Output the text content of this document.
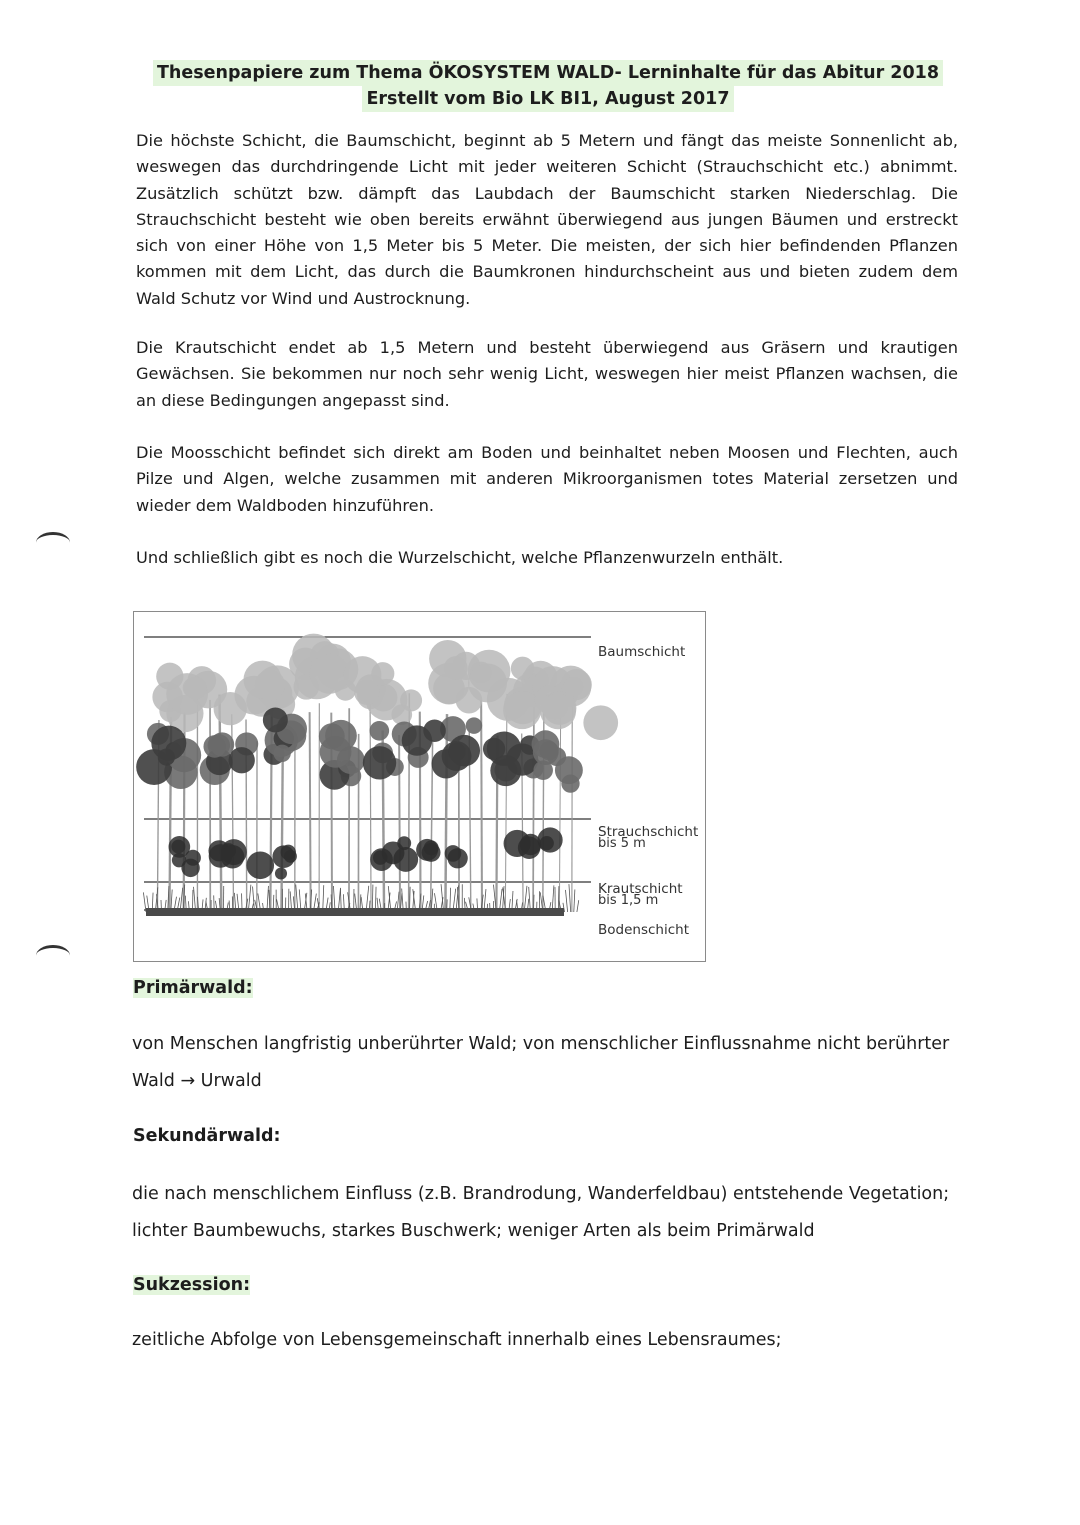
Thesenpapiere zum Thema ÖKOSYSTEM WALD- Lerninhalte für das Abitur 2018
Erstellt vom Bio LK BI1, August 2017

Die höchste Schicht, die Baumschicht, beginnt ab 5 Metern und fängt das meiste Sonnenlicht ab, weswegen das durchdringende Licht mit jeder weiteren Schicht (Strauchschicht etc.) abnimmt. Zusätzlich schützt bzw. dämpft das Laubdach der Baumschicht starken Niederschlag. Die Strauchschicht besteht wie oben bereits erwähnt überwiegend aus jungen Bäumen und erstreckt sich von einer Höhe von 1,5 Meter bis 5 Meter. Die meisten, der sich hier befindenden Pflanzen kommen mit dem Licht, das durch die Baumkronen hindurchscheint aus und bieten zudem dem Wald Schutz vor Wind und Austrocknung.

Die Krautschicht endet ab 1,5 Metern und besteht überwiegend aus Gräsern und krautigen Gewächsen. Sie bekommen nur noch sehr wenig Licht, weswegen hier meist Pflanzen wachsen, die an diese Bedingungen angepasst sind.

Die Moosschicht befindet sich direkt am Boden und beinhaltet neben Moosen und Flechten, auch Pilze und Algen, welche zusammen mit anderen Mikroorganismen totes Material zersetzen und wieder dem Waldboden hinzuführen.

Und schließlich gibt es noch die Wurzelschicht, welche Pflanzenwurzeln enthält.

Baumschicht
Strauchschicht
bis 5 m
Krautschicht
bis 1,5 m
Bodenschicht
Primärwald:

von Menschen langfristig unberührter Wald; von menschlicher Einflussnahme nicht berührter Wald → Urwald

Sekundärwald:

die nach menschlichem Einfluss (z.B. Brandrodung, Wanderfeldbau) entstehende Vegetation; lichter Baumbewuchs, starkes Buschwerk; weniger Arten als beim Primärwald

Sukzession:

zeitliche Abfolge von Lebensgemeinschaft innerhalb eines Lebensraumes;
